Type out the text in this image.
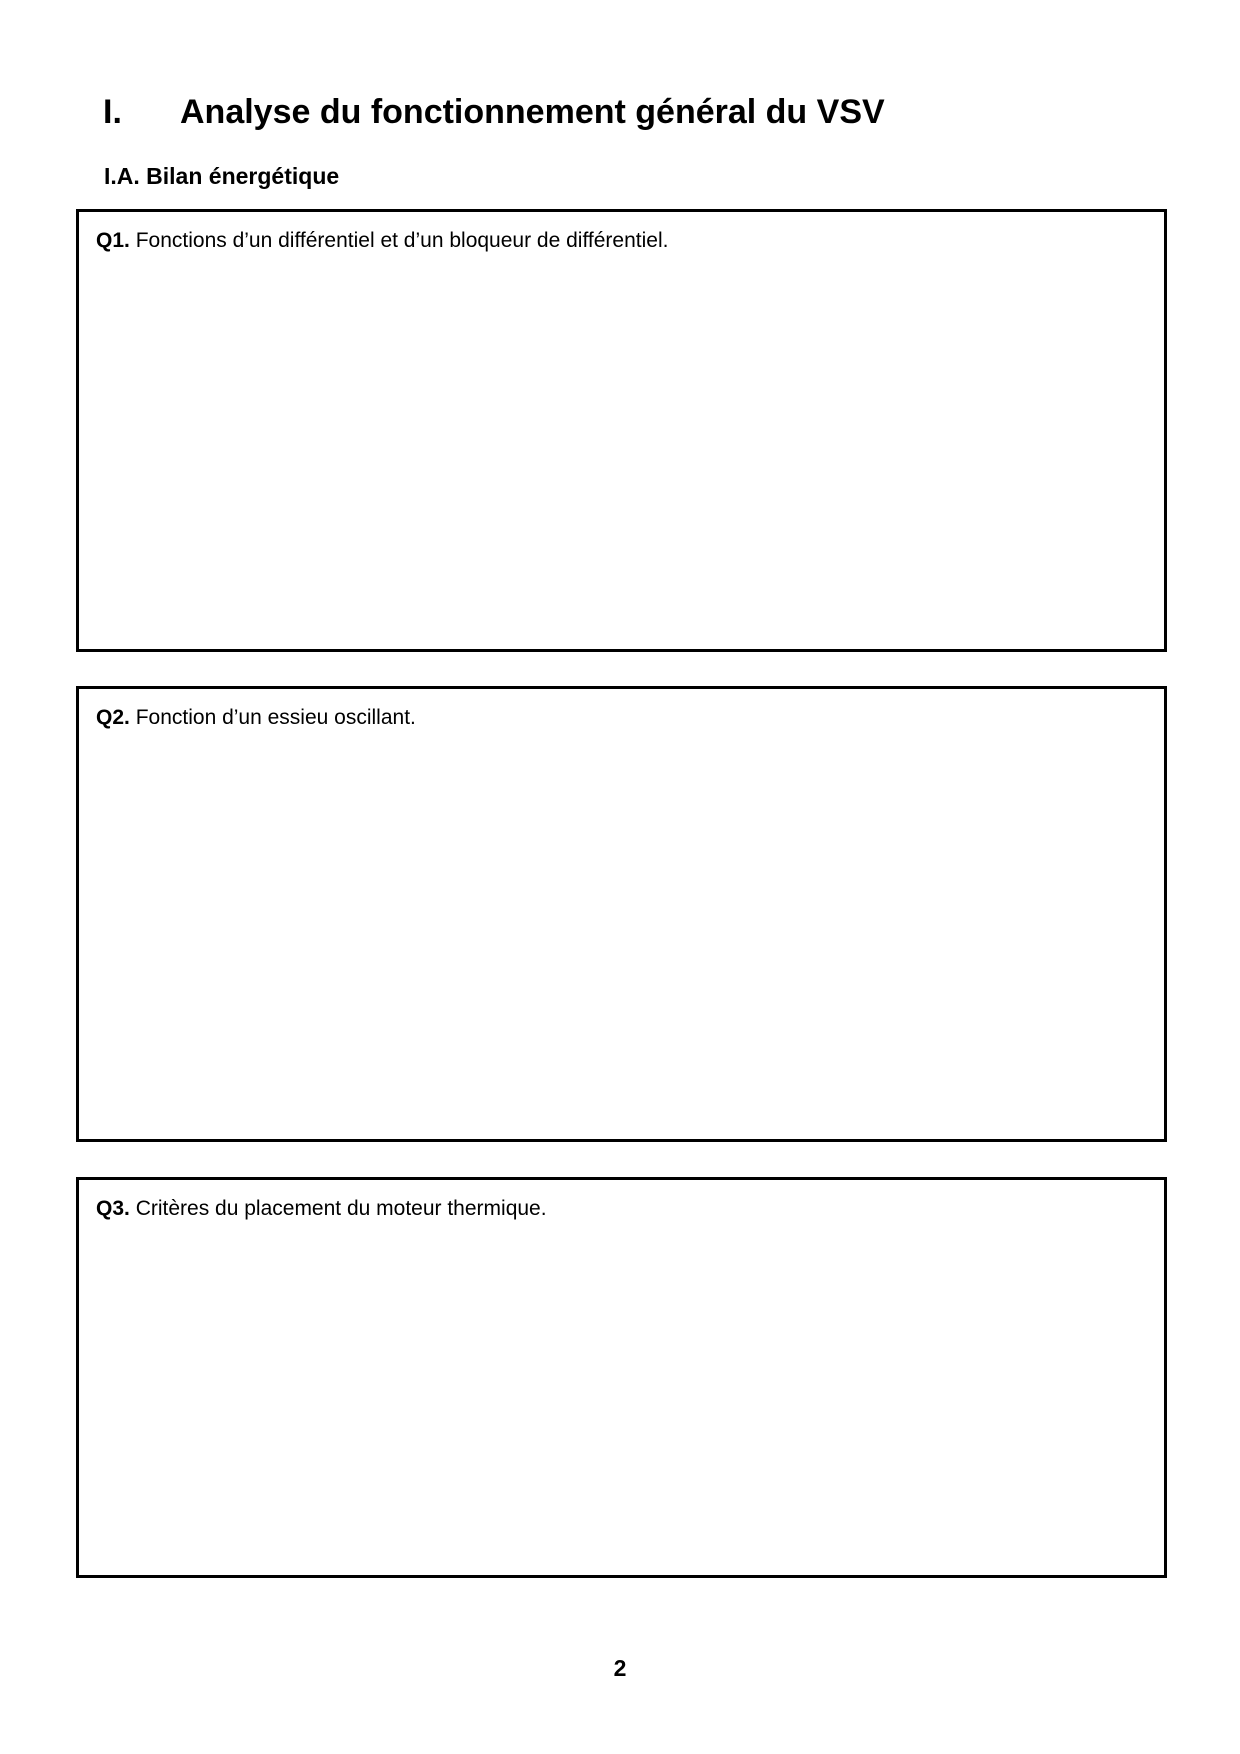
I. Analyse du fonctionnement général du VSV
I.A. Bilan énergétique
Q1. Fonctions d’un différentiel et d’un bloqueur de différentiel.
Q2. Fonction d’un essieu oscillant.
Q3. Critères du placement du moteur thermique.
2
